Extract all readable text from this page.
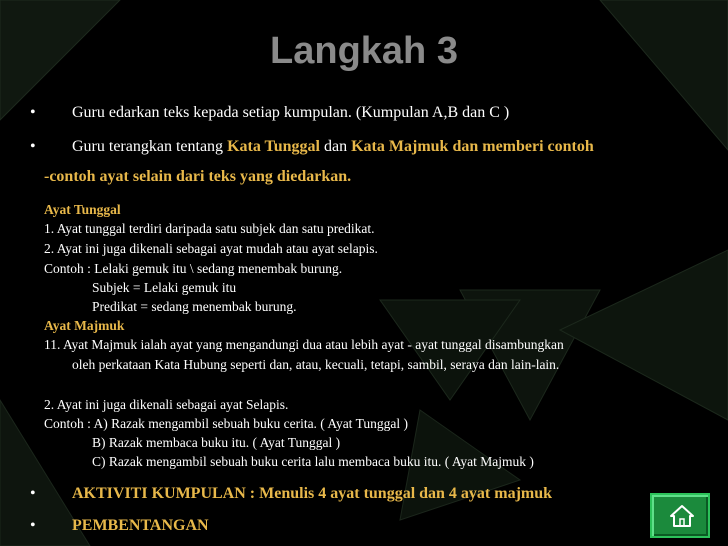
Langkah 3
• Guru edarkan teks kepada setiap kumpulan. (Kumpulan A,B dan C )
• Guru terangkan tentang Kata Tunggal dan Kata Majmuk dan memberi contoh
-contoh ayat selain dari teks yang diedarkan.
Ayat Tunggal
1. Ayat tunggal terdiri daripada satu subjek dan satu predikat.
2. Ayat ini juga dikenali sebagai ayat mudah atau ayat selapis.
Contoh : Lelaki gemuk itu \ sedang menembak burung.
Subjek = Lelaki gemuk itu
Predikat = sedang menembak burung.
Ayat Majmuk
11. Ayat Majmuk ialah ayat yang mengandungi dua atau lebih ayat - ayat tunggal disambungkan
oleh perkataan Kata Hubung seperti dan, atau, kecuali, tetapi, sambil, seraya dan lain-lain.
2. Ayat ini juga dikenali sebagai ayat Selapis.
Contoh : A) Razak mengambil sebuah buku cerita. ( Ayat Tunggal )
B) Razak membaca buku itu. ( Ayat Tunggal )
C) Razak mengambil sebuah buku cerita lalu membaca buku itu. ( Ayat Majmuk )
• AKTIVITI KUMPULAN : Menulis 4 ayat tunggal dan 4 ayat majmuk
• PEMBENTANGAN
